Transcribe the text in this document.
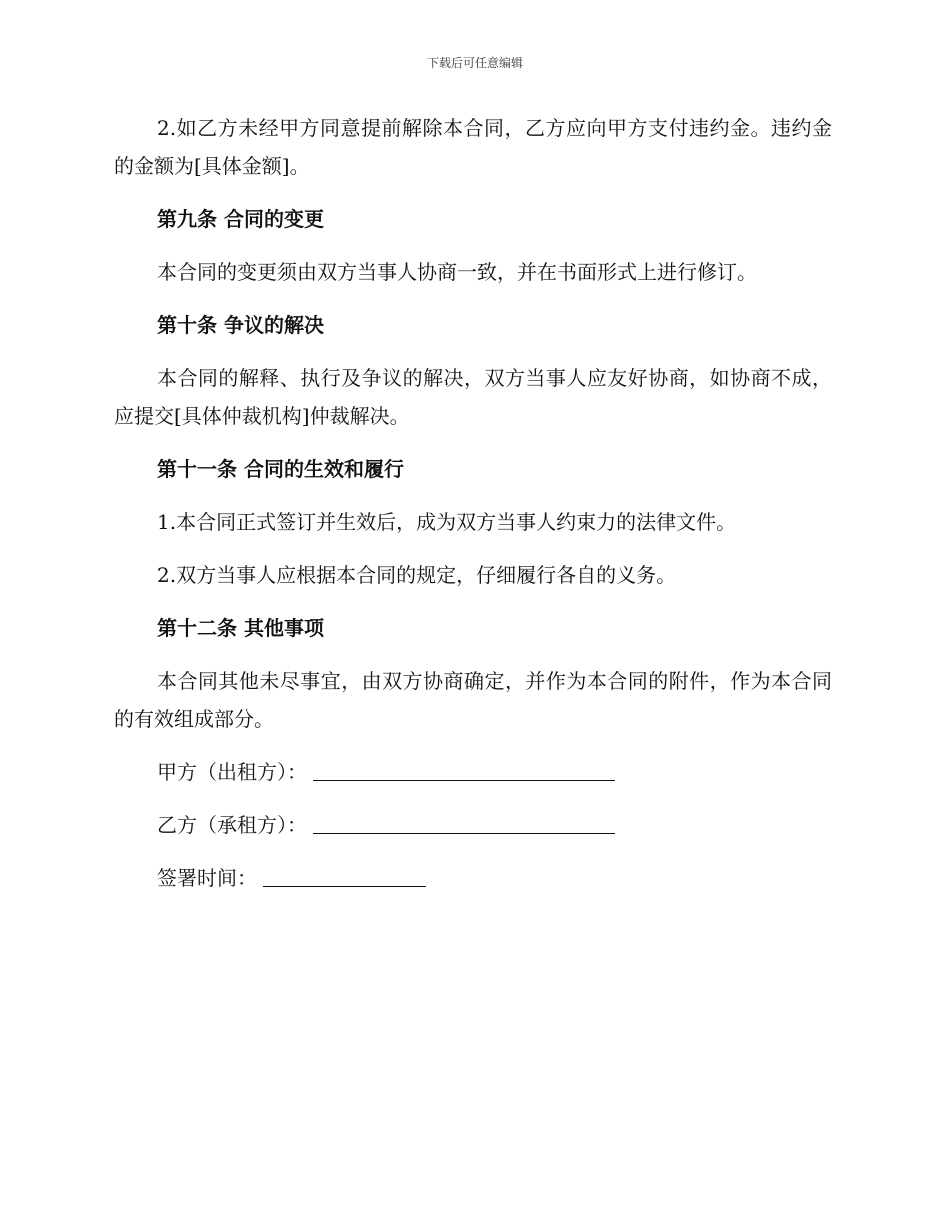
下载后可任意编辑

2.如乙方未经甲方同意提前解除本合同，乙方应向甲方支付违约金。违约金的金额为[具体金额]。

第九条 合同的变更

本合同的变更须由双方当事人协商一致，并在书面形式上进行修订。

第十条 争议的解决

本合同的解释、执行及争议的解决，双方当事人应友好协商，如协商不成，应提交[具体仲裁机构]仲裁解决。

第十一条 合同的生效和履行

1.本合同正式签订并生效后，成为双方当事人约束力的法律文件。

2.双方当事人应根据本合同的规定，仔细履行各自的义务。

第十二条 其他事项

本合同其他未尽事宜，由双方协商确定，并作为本合同的附件，作为本合同的有效组成部分。

甲方（出租方）：

乙方（承租方）：

签署时间：
